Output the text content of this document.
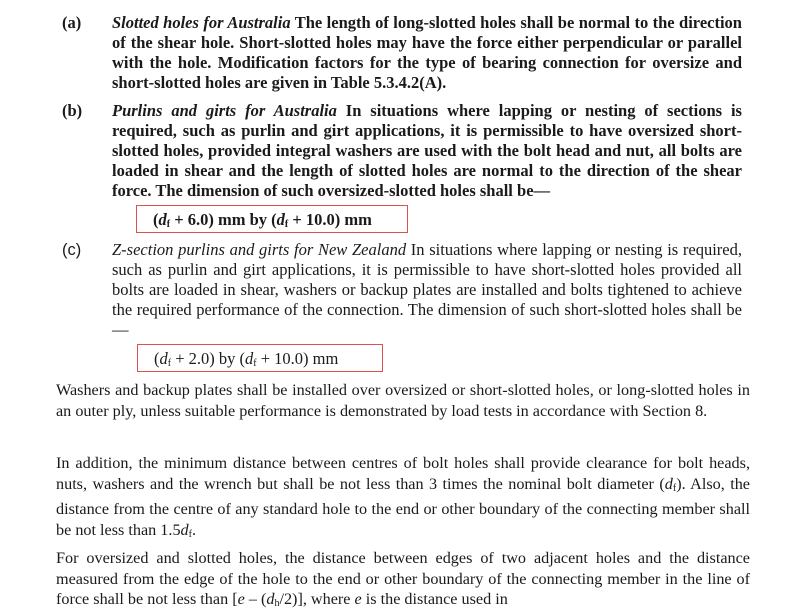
(a) Slotted holes for Australia The length of long-slotted holes shall be normal to the direction of the shear hole. Short-slotted holes may have the force either perpendicular or parallel with the hole. Modification factors for the type of bearing connection for oversize and short-slotted holes are given in Table 5.3.4.2(A).
(b) Purlins and girts for Australia In situations where lapping or nesting of sections is required, such as purlin and girt applications, it is permissible to have oversized short-slotted holes, provided integral washers are used with the bolt head and nut, all bolts are loaded in shear and the length of slotted holes are normal to the direction of the shear force. The dimension of such oversized-slotted holes shall be—
$(d_f + 6.0)$ mm by $(d_f + 10.0)$ mm
(c) Z-section purlins and girts for New Zealand In situations where lapping or nesting is required, such as purlin and girt applications, it is permissible to have short-slotted holes provided all bolts are loaded in shear, washers or backup plates are installed and bolts tightened to achieve the required performance of the connection. The dimension of such short-slotted holes shall be—
$(d_f + 2.0)$ by $(d_f + 10.0)$ mm
Washers and backup plates shall be installed over oversized or short-slotted holes, or long-slotted holes in an outer ply, unless suitable performance is demonstrated by load tests in accordance with Section 8.
In addition, the minimum distance between centres of bolt holes shall provide clearance for bolt heads, nuts, washers and the wrench but shall be not less than 3 times the nominal bolt diameter $(d_f)$. Also, the distance from the centre of any standard hole to the end or other boundary of the connecting member shall be not less than $1.5d_f$.
For oversized and slotted holes, the distance between edges of two adjacent holes and the distance measured from the edge of the hole to the end or other boundary of the connecting member in the line of force shall be not less than $[e - (d_h/2)]$, where e is the distance used in
